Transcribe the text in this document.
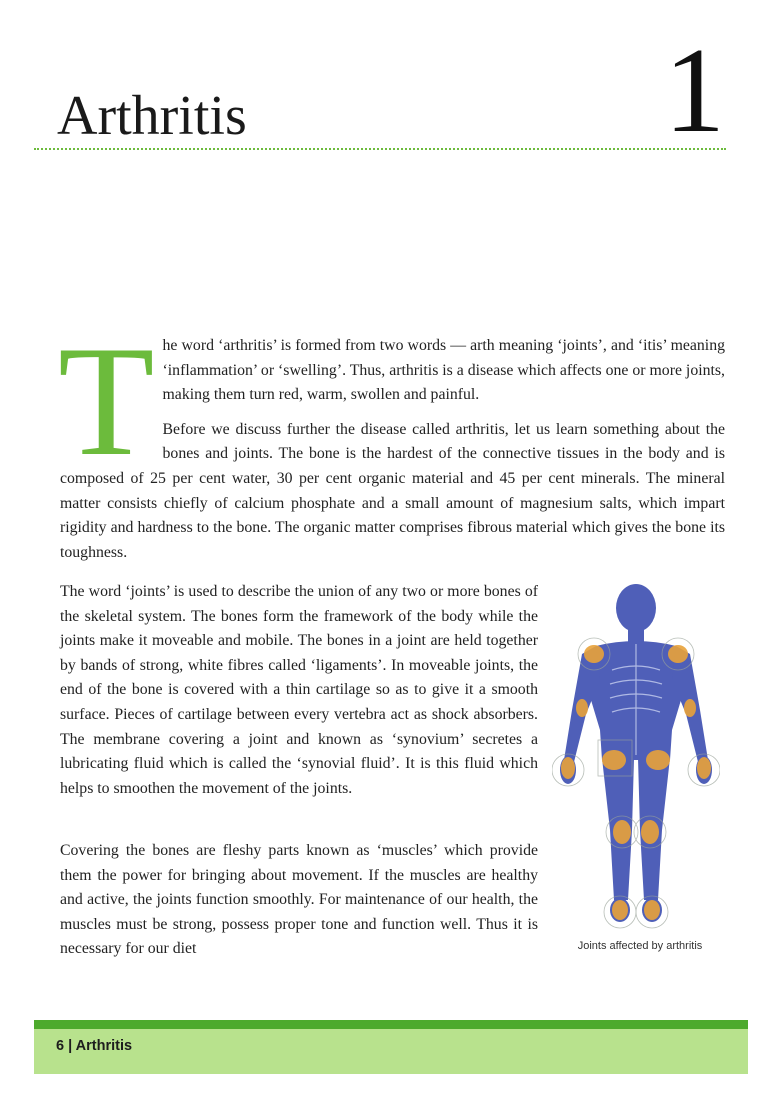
Arthritis	1

T he word ‘arthritis’ is formed from two words — arth meaning ‘joints’, and ‘itis’ meaning ‘inflammation’ or ‘swelling’. Thus, arthritis is a disease which affects one or more joints, making them turn red, warm, swollen and painful.

Before we discuss further the disease called arthritis, let us learn something about the bones and joints. The bone is the hardest of the connective tissues in the body and is composed of 25 per cent water, 30 per cent organic material and 45 per cent minerals. The mineral matter consists chiefly of calcium phosphate and a small amount of magnesium salts, which impart rigidity and hardness to the bone. The organic matter comprises fibrous material which gives the bone its toughness.

The word ‘joints’ is used to describe the union of any two or more bones of the skeletal system. The bones form the framework of the body while the joints make it moveable and mobile. The bones in a joint are held together by bands of strong, white fibres called ‘ligaments’. In moveable joints, the end of the bone is covered with a thin cartilage so as to give it a smooth surface. Pieces of cartilage between every vertebra act as shock absorbers. The membrane covering a joint and known as ‘synovium’ secretes a lubricating fluid which is called the ‘synovial fluid’. It is this fluid which helps to smoothen the movement of the joints.

Covering the bones are fleshy parts known as ‘muscles’ which provide them the power for bringing about movement. If the muscles are healthy and active, the joints function smoothly. For maintenance of our health, the muscles must be strong, possess proper tone and function well. Thus it is necessary for our diet	Joints affected by arthritis
6 | Arthritis
